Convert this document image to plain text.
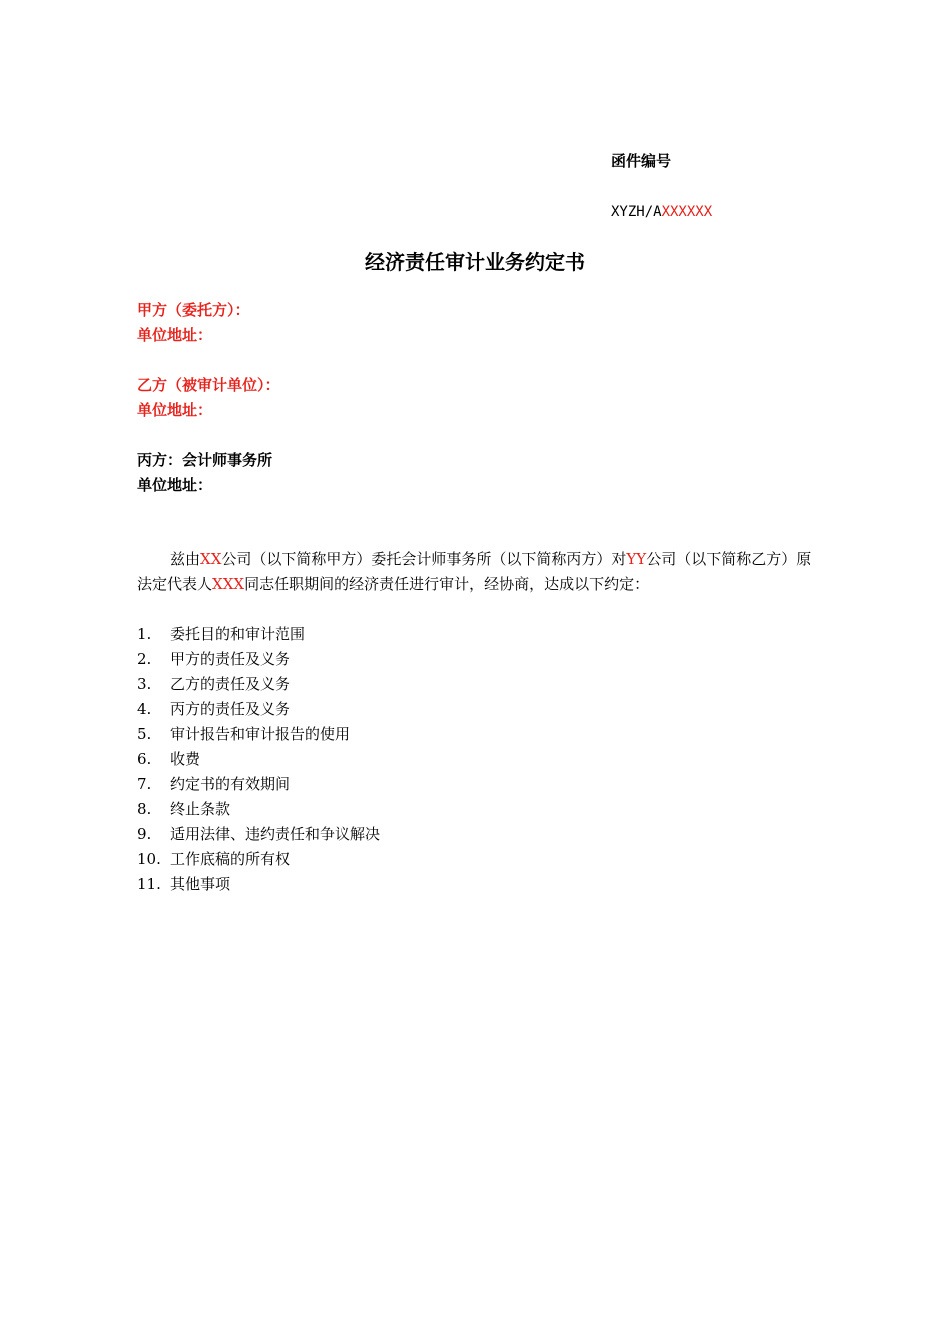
函件编号
XYZH/AXXXXXX
经济责任审计业务约定书
甲方（委托方）：
单位地址：
乙方（被审计单位）：
单位地址：
丙方：会计师事务所
单位地址：
兹由XX公司（以下简称甲方）委托会计师事务所（以下简称丙方）对YY公司（以下简称乙方）原法定代表人XXX同志任职期间的经济责任进行审计，经协商，达成以下约定：
1.	委托目的和审计范围
2.	甲方的责任及义务
3.	乙方的责任及义务
4.	丙方的责任及义务
5.	审计报告和审计报告的使用
6.	收费
7.	约定书的有效期间
8.	终止条款
9.	适用法律、违约责任和争议解决
10. 工作底稿的所有权
11. 其他事项
